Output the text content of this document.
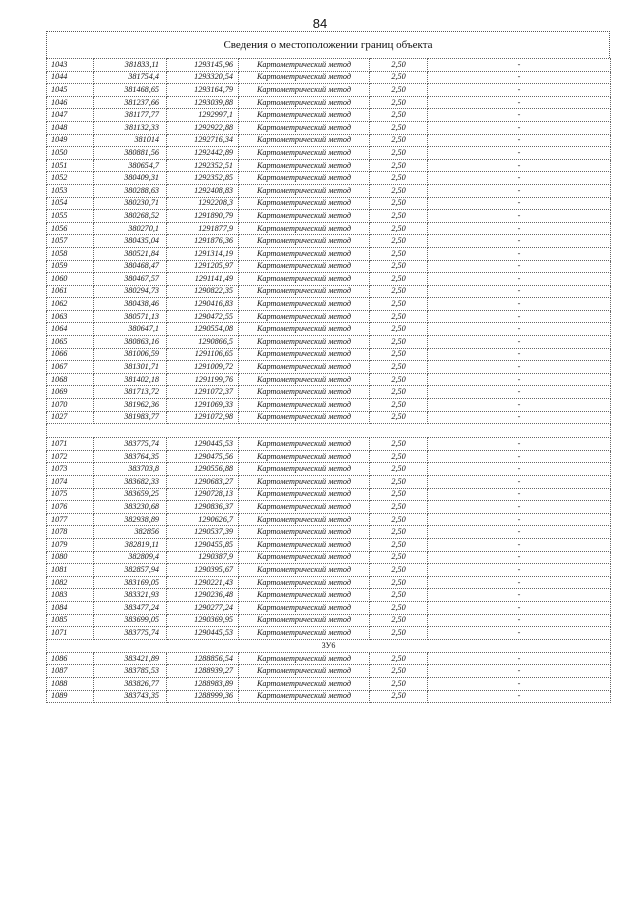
84
Сведения о местоположении границ объекта
1043	381833,11	1293145,96	Картометрический метод	2,50	-
1044	381754,4	1293320,54	Картометрический метод	2,50	-
1045	381468,65	1293164,79	Картометрический метод	2,50	-
1046	381237,66	1293039,88	Картометрический метод	2,50	-
1047	381177,77	1292997,1	Картометрический метод	2,50	-
1048	381132,33	1292922,88	Картометрический метод	2,50	-
1049	381014	1292716,34	Картометрический метод	2,50	-
1050	380881,56	1292442,89	Картометрический метод	2,50	-
1051	380654,7	1292352,51	Картометрический метод	2,50	-
1052	380409,31	1292352,85	Картометрический метод	2,50	-
1053	380288,63	1292408,83	Картометрический метод	2,50	-
1054	380230,71	1292208,3	Картометрический метод	2,50	-
1055	380268,52	1291890,79	Картометрический метод	2,50	-
1056	380270,1	1291877,9	Картометрический метод	2,50	-
1057	380435,04	1291876,36	Картометрический метод	2,50	-
1058	380521,84	1291314,19	Картометрический метод	2,50	-
1059	380468,47	1291205,97	Картометрический метод	2,50	-
1060	380467,57	1291141,49	Картометрический метод	2,50	-
1061	380294,73	1290822,35	Картометрический метод	2,50	-
1062	380438,46	1290416,83	Картометрический метод	2,50	-
1063	380571,13	1290472,55	Картометрический метод	2,50	-
1064	380647,1	1290554,08	Картометрический метод	2,50	-
1065	380863,16	1290866,5	Картометрический метод	2,50	-
1066	381006,59	1291106,65	Картометрический метод	2,50	-
1067	381301,71	1291009,72	Картометрический метод	2,50	-
1068	381402,18	1291199,76	Картометрический метод	2,50	-
1069	381713,72	1291072,37	Картометрический метод	2,50	-
1070	381962,36	1291069,33	Картометрический метод	2,50	-
1027	381983,77	1291072,98	Картометрический метод	2,50	-

1071	383775,74	1290445,53	Картометрический метод	2,50	-
1072	383764,35	1290475,56	Картометрический метод	2,50	-
1073	383703,8	1290556,88	Картометрический метод	2,50	-
1074	383682,33	1290683,27	Картометрический метод	2,50	-
1075	383659,25	1290728,13	Картометрический метод	2,50	-
1076	383230,68	1290836,37	Картометрический метод	2,50	-
1077	382938,89	1290626,7	Картометрический метод	2,50	-
1078	382856	1290537,39	Картометрический метод	2,50	-
1079	382819,11	1290455,85	Картометрический метод	2,50	-
1080	382809,4	1290387,9	Картометрический метод	2,50	-
1081	382857,94	1290395,67	Картометрический метод	2,50	-
1082	383169,05	1290221,43	Картометрический метод	2,50	-
1083	383321,93	1290236,48	Картометрический метод	2,50	-
1084	383477,24	1290277,24	Картометрический метод	2,50	-
1085	383699,05	1290369,95	Картометрический метод	2,50	-
1071	383775,74	1290445,53	Картометрический метод	2,50	-
3У6					
1086	383421,89	1288856,54	Картометрический метод	2,50	-
1087	383785,53	1288939,27	Картометрический метод	2,50	-
1088	383826,77	1288983,89	Картометрический метод	2,50	-
1089	383743,35	1288999,36	Картометрический метод	2,50	-
